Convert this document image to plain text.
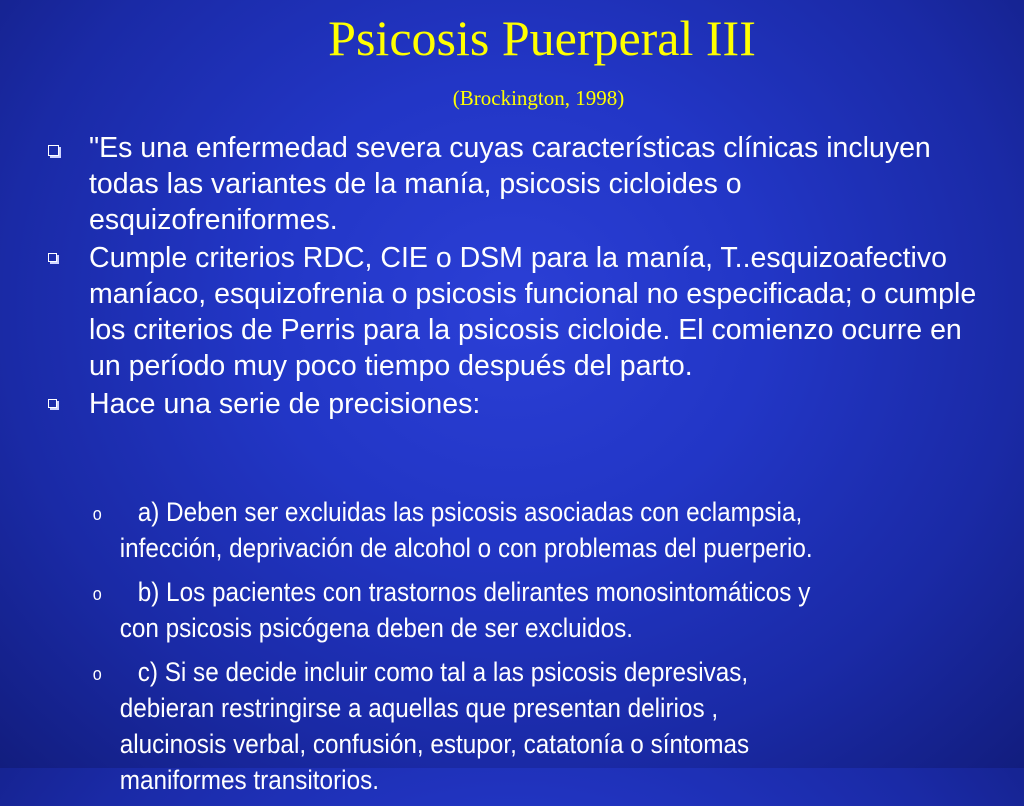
Psicosis Puerperal III

(Brockington, 1998)

"Es una enfermedad severa cuyas características clínicas incluyen todas las variantes de la manía, psicosis cicloides o esquizofreniformes.
Cumple criterios RDC, CIE o DSM para la manía, T..esquizoafectivo maníaco, esquizofrenia o psicosis funcional no especificada; o cumple los criterios de Perris para la psicosis cicloide. El comienzo ocurre en un período muy poco tiempo después del parto.
Hace una serie de precisiones:
o a) Deben ser excluidas las psicosis asociadas con eclampsia, infección, deprivación de alcohol o con problemas del puerperio.
o b) Los pacientes con trastornos delirantes monosintomáticos y con psicosis psicógena deben de ser excluidos.
o c) Si se decide incluir como tal a las psicosis depresivas, debieran restringirse a aquellas que presentan delirios , alucinosis verbal, confusión, estupor, catatonía o síntomas maniformes transitorios.
